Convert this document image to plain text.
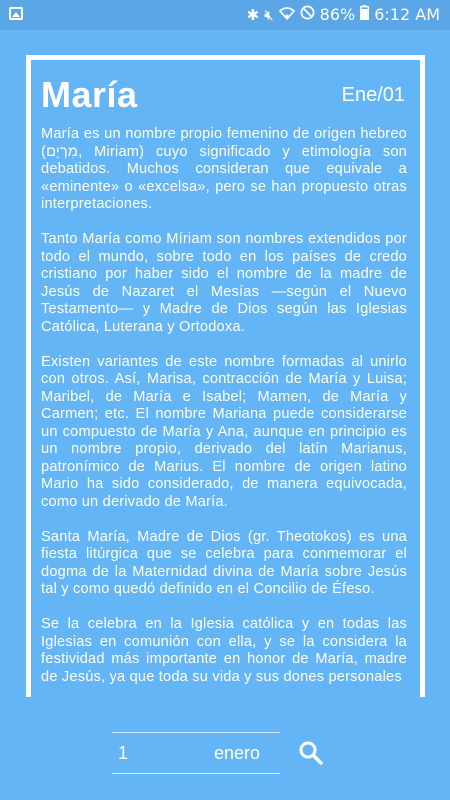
✱ 🔇︎	86% 6:12 AM
María	Ene/01

María es un nombre propio femenino de origen hebreo (מִרְיָם, Miriam) cuyo significado y etimología son debatidos. Muchos consideran que equivale a «eminente» o «excelsa», pero se han propuesto otras interpretaciones.

Tanto María como Míriam son nombres extendidos por todo el mundo, sobre todo en los países de credo cristiano por haber sido el nombre de la madre de Jesús de Nazaret el Mesías —según el Nuevo Testamento— y Madre de Dios según las Iglesias Católica, Luterana y Ortodoxa.

Existen variantes de este nombre formadas al unirlo con otros. Así, Marisa, contracción de María y Luisa; Maribel, de María e Isabel; Mamen, de María y Carmen; etc. El nombre Mariana puede considerarse un compuesto de María y Ana, aunque en principio es un nombre propio, derivado del latín Marianus, patronímico de Marius. El nombre de origen latino Mario ha sido considerado, de manera equivocada, como un derivado de María.

Santa María, Madre de Dios (gr. Theotokos) es una fiesta litúrgica que se celebra para conmemorar el dogma de la Maternidad divina de María sobre Jesús tal y como quedó definido en el Concilio de Éfeso.

Se la celebra en la Iglesia católica y en todas las Iglesias en comunión con ella, y se la considera la festividad más importante en honor de María, madre de Jesús, ya que toda su vida y sus dones personales

1	enero
